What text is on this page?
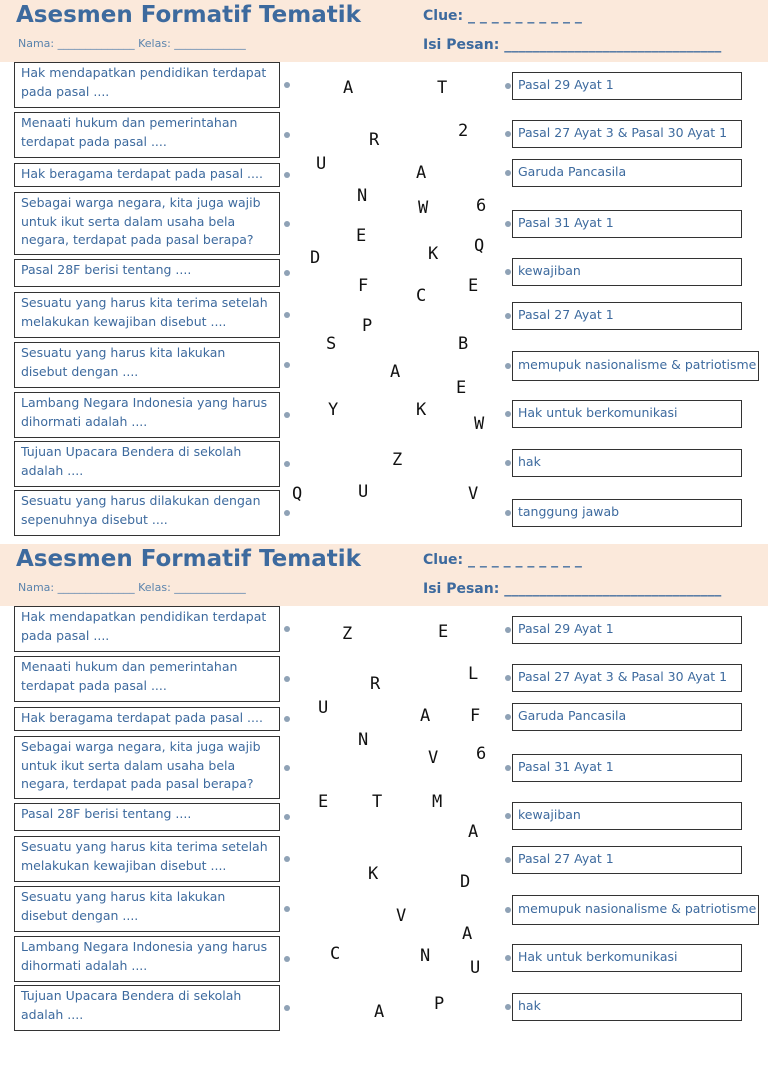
Asesmen Formatif Tematik
Nama: ______________ Kelas: _____________
Clue: _ _ _ _ _ _ _ _ _ _
Isi Pesan: _______________________________
Hak mendapatkan pendidikan terdapat pada pasal ....
Menaati hukum dan pemerintahan terdapat pada pasal ....
Hak beragama terdapat pada pasal ....
Sebagai warga negara, kita juga wajib untuk ikut serta dalam usaha bela negara, terdapat pada pasal berapa?
Pasal 28F berisi tentang ....
Sesuatu yang harus kita terima setelah melakukan kewajiban disebut ....
Sesuatu yang harus kita lakukan disebut dengan ....
Lambang Negara Indonesia yang harus dihormati adalah ....
Tujuan Upacara Bendera di sekolah adalah ....
Sesuatu yang harus dilakukan dengan sepenuhnya disebut ....
Pasal 29 Ayat 1
Pasal 27 Ayat 3 & Pasal 30 Ayat 1
Garuda Pancasila
Pasal 31 Ayat 1
kewajiban
Pasal 27 Ayat 1
memupuk nasionalisme & patriotisme
Hak untuk berkomunikasi
hak
tanggung jawab
A	T
R	2
U	A
N
W	6
E
K Q
D
F	C E
P
S	B
A
E
Y	K
W
Z
Q	U	V
Asesmen Formatif Tematik
Nama: ______________ Kelas: _____________
Clue: _ _ _ _ _ _ _ _ _ _
Isi Pesan: _______________________________
Hak mendapatkan pendidikan terdapat pada pasal ....
Menaati hukum dan pemerintahan terdapat pada pasal ....
Hak beragama terdapat pada pasal ....
Sebagai warga negara, kita juga wajib untuk ikut serta dalam usaha bela negara, terdapat pada pasal berapa?
Pasal 28F berisi tentang ....
Sesuatu yang harus kita terima setelah melakukan kewajiban disebut ....
Sesuatu yang harus kita lakukan disebut dengan ....
Lambang Negara Indonesia yang harus dihormati adalah ....
Tujuan Upacara Bendera di sekolah adalah ....
Pasal 29 Ayat 1
Pasal 27 Ayat 3 & Pasal 30 Ayat 1
Garuda Pancasila
Pasal 31 Ayat 1
kewajiban
Pasal 27 Ayat 1
memupuk nasionalisme & patriotisme
Hak untuk berkomunikasi
hak
Z	E
R	L
U	A F
N
V 6
E	T	M
A
K	D
V
A
C	N
U
A	P
